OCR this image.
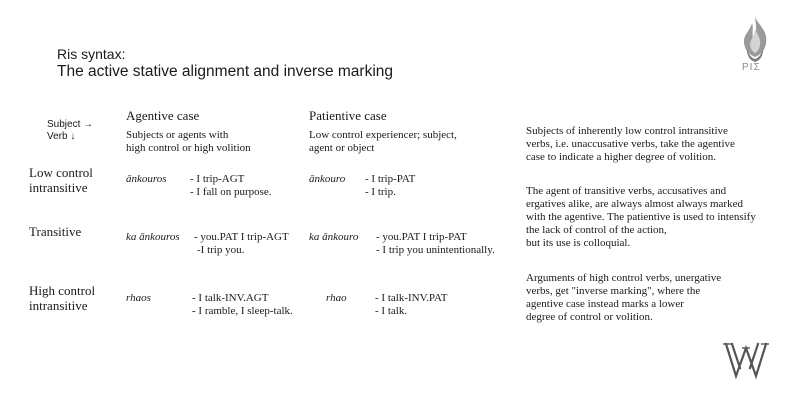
Ris syntax:
The active stative alignment and inverse marking	ΡΙΣ
Subject →
Verb ↓
Agentive case
Subjects or agents with
high control or high volition
Patientive case
Low control experiencer; subject,
agent or object
Low control
intransitive
ānkouros - I trip-AGT
- I fall on purpose.
ānkouro - I trip-PAT
- I trip.
Transitive	ka ānkouros - you.PAT I trip-AGT
-I trip you.
ka ānkouro - you.PAT I trip-PAT
- I trip you unintentionally.
High control
intransitive	rhaos	- I talk-INV.AGT
- I ramble, I sleep-talk.
rhao	- I talk-INV.PAT
- I talk.
Subjects of inherently low control intransitive
verbs, i.e. unaccusative verbs, take the agentive
case to indicate a higher degree of volition.
The agent of transitive verbs, accusatives and
ergatives alike, are always almost always marked
with the agentive. The patientive is used to intensify
the lack of control of the action,
but its use is colloquial.
Arguments of high control verbs, unergative
verbs, get "inverse marking", where the
agentive case instead marks a lower
degree of control or volition.
